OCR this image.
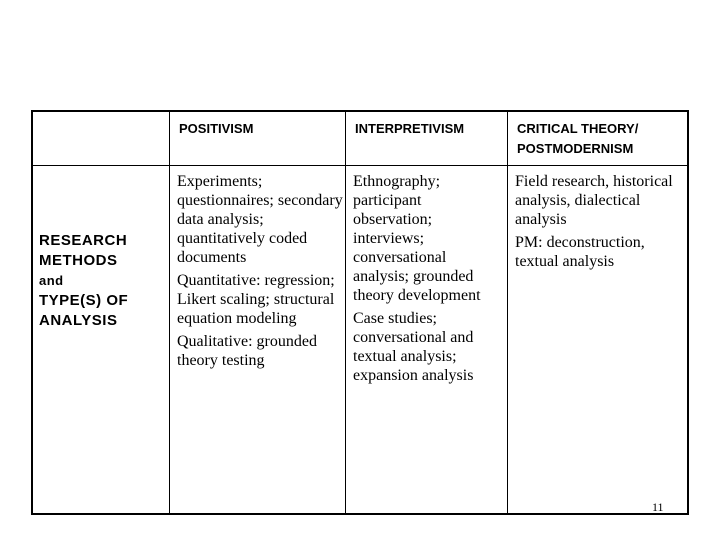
POSITIVISM	INTERPRETIVISM	CRITICAL THEORY/
POSTMODERNISM
RESEARCH
METHODS
and
TYPE(S) OF
ANALYSIS

Experiments; questionnaires; secondary data analysis; quantitatively coded documents

Quantitative: regression; Likert scaling; structural equation modeling

Qualitative: grounded theory testing

Ethnography; participant observation; interviews; conversational analysis; grounded theory development

Case studies; conversational and textual analysis; expansion analysis

Field research, historical analysis, dialectical analysis

PM: deconstruction, textual analysis

11
